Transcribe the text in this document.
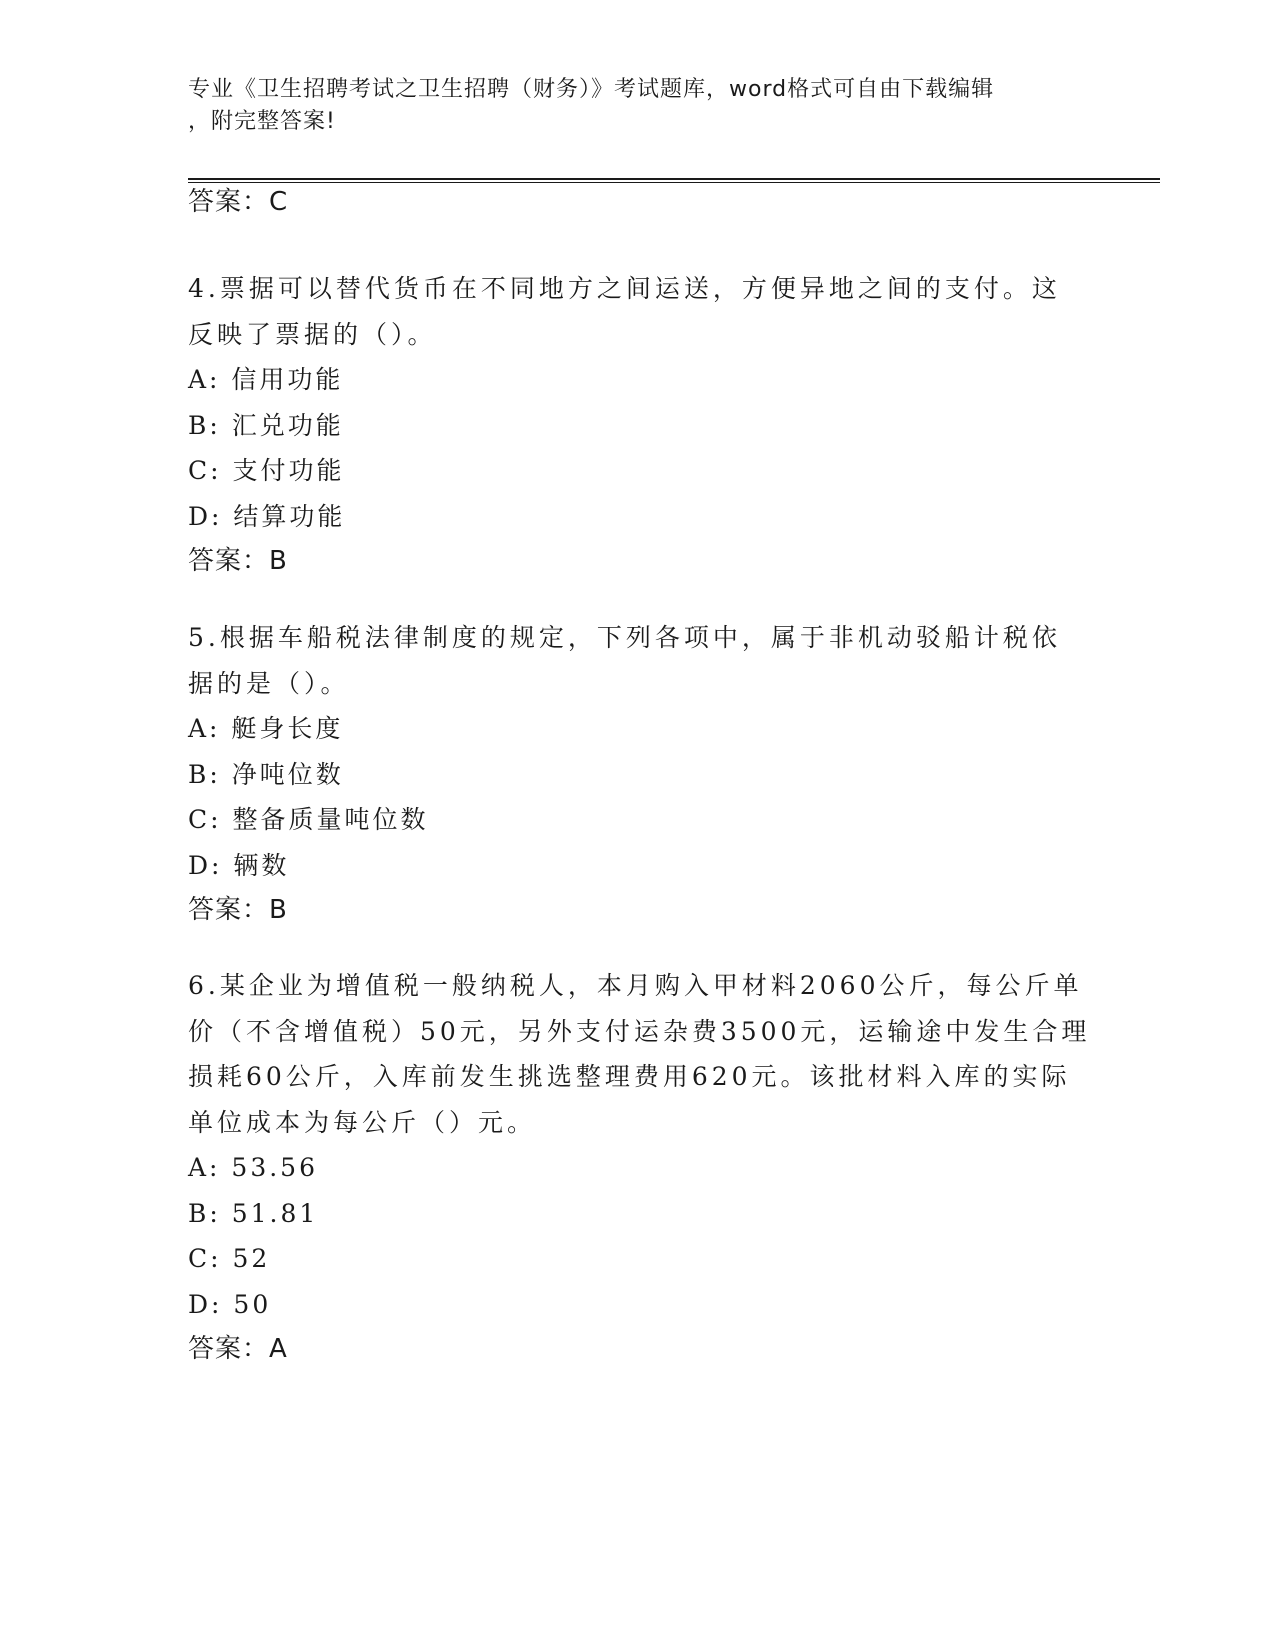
专业《卫生招聘考试之卫生招聘（财务）》考试题库，word格式可自由下载编辑
，附完整答案!
答案：C
4.票据可以替代货币在不同地方之间运送，方便异地之间的支付。这
反映了票据的（）。
A: 信用功能
B: 汇兑功能
C: 支付功能
D: 结算功能
答案：B
5.根据车船税法律制度的规定，下列各项中，属于非机动驳船计税依
据的是（）。
A: 艇身长度
B: 净吨位数
C: 整备质量吨位数
D: 辆数
答案：B
6.某企业为增值税一般纳税人，本月购入甲材料2060公斤，每公斤单
价（不含增值税）50元，另外支付运杂费3500元，运输途中发生合理
损耗60公斤，入库前发生挑选整理费用620元。该批材料入库的实际
单位成本为每公斤（）元。
A: 53.56
B: 51.81
C: 52
D: 50
答案：A
